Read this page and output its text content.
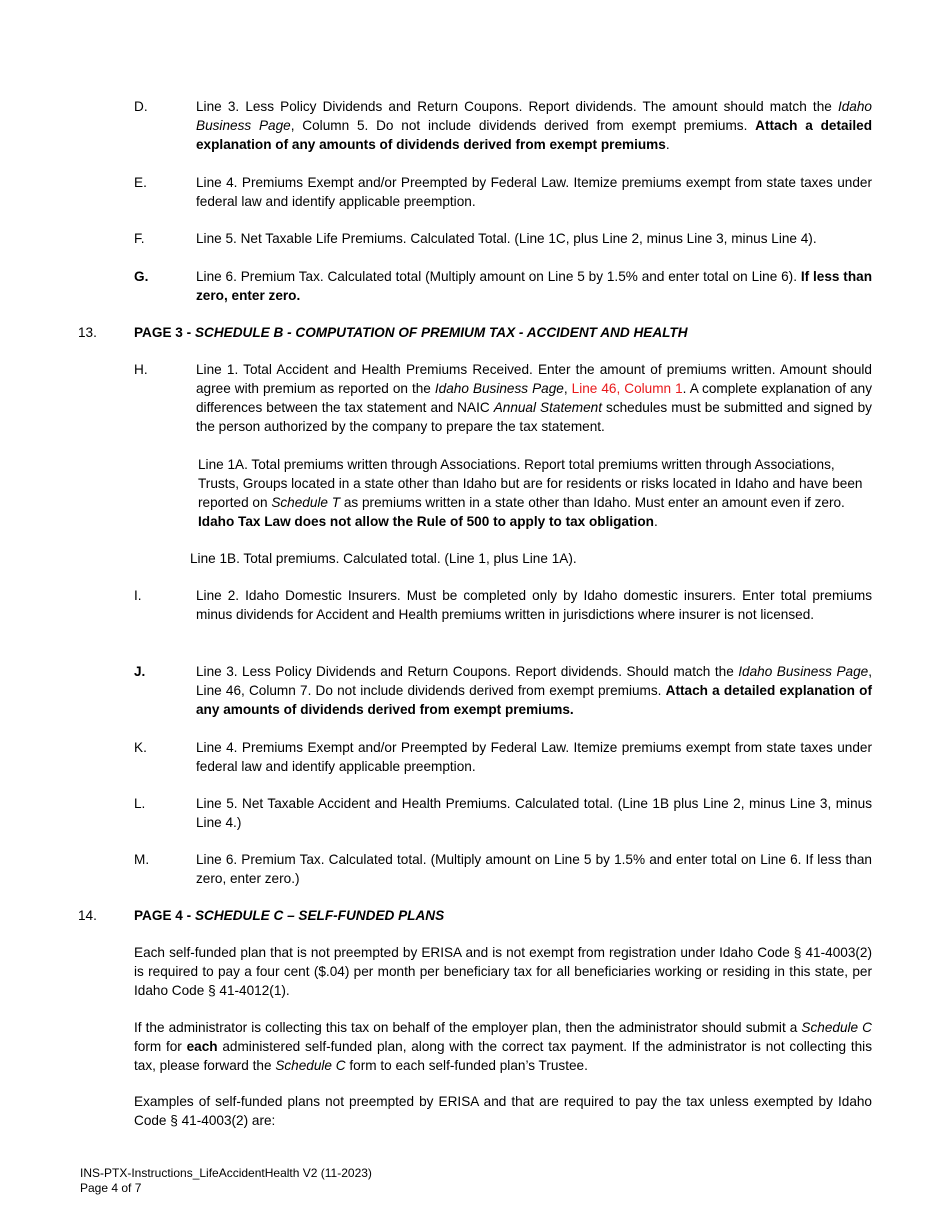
D.	Line 3. Less Policy Dividends and Return Coupons. Report dividends. The amount should match the Idaho Business Page, Column 5. Do not include dividends derived from exempt premiums. Attach a detailed explanation of any amounts of dividends derived from exempt premiums.
E.	Line 4. Premiums Exempt and/or Preempted by Federal Law. Itemize premiums exempt from state taxes under federal law and identify applicable preemption.
F.	Line 5. Net Taxable Life Premiums. Calculated Total. (Line 1C, plus Line 2, minus Line 3, minus Line 4).
G.	Line 6. Premium Tax. Calculated total (Multiply amount on Line 5 by 1.5% and enter total on Line 6). If less than zero, enter zero.
13.	PAGE 3 - SCHEDULE B - COMPUTATION OF PREMIUM TAX - ACCIDENT AND HEALTH
H.	Line 1. Total Accident and Health Premiums Received. Enter the amount of premiums written. Amount should agree with premium as reported on the Idaho Business Page, Line 46, Column 1. A complete explanation of any differences between the tax statement and NAIC Annual Statement schedules must be submitted and signed by the person authorized by the company to prepare the tax statement.
Line 1A. Total premiums written through Associations. Report total premiums written through Associations, Trusts, Groups located in a state other than Idaho but are for residents or risks located in Idaho and have been reported on Schedule T as premiums written in a state other than Idaho. Must enter an amount even if zero. Idaho Tax Law does not allow the Rule of 500 to apply to tax obligation.
Line 1B. Total premiums. Calculated total. (Line 1, plus Line 1A).
I.	Line 2. Idaho Domestic Insurers. Must be completed only by Idaho domestic insurers. Enter total premiums minus dividends for Accident and Health premiums written in jurisdictions where insurer is not licensed.
J.	Line 3. Less Policy Dividends and Return Coupons. Report dividends. Should match the Idaho Business Page, Line 46, Column 7. Do not include dividends derived from exempt premiums. Attach a detailed explanation of any amounts of dividends derived from exempt premiums.
K.	Line 4. Premiums Exempt and/or Preempted by Federal Law. Itemize premiums exempt from state taxes under federal law and identify applicable preemption.
L.	Line 5. Net Taxable Accident and Health Premiums. Calculated total. (Line 1B plus Line 2, minus Line 3, minus Line 4.)
M.	Line 6. Premium Tax. Calculated total. (Multiply amount on Line 5 by 1.5% and enter total on Line 6. If less than zero, enter zero.)
14.	PAGE 4 - SCHEDULE C – SELF-FUNDED PLANS
Each self-funded plan that is not preempted by ERISA and is not exempt from registration under Idaho Code § 41-4003(2) is required to pay a four cent ($.04) per month per beneficiary tax for all beneficiaries working or residing in this state, per Idaho Code § 41-4012(1).
If the administrator is collecting this tax on behalf of the employer plan, then the administrator should submit a Schedule C form for each administered self-funded plan, along with the correct tax payment. If the administrator is not collecting this tax, please forward the Schedule C form to each self-funded plan’s Trustee.
Examples of self-funded plans not preempted by ERISA and that are required to pay the tax unless exempted by Idaho Code § 41-4003(2) are:
INS-PTX-Instructions_LifeAccidentHealth V2 (11-2023)
Page 4 of 7
